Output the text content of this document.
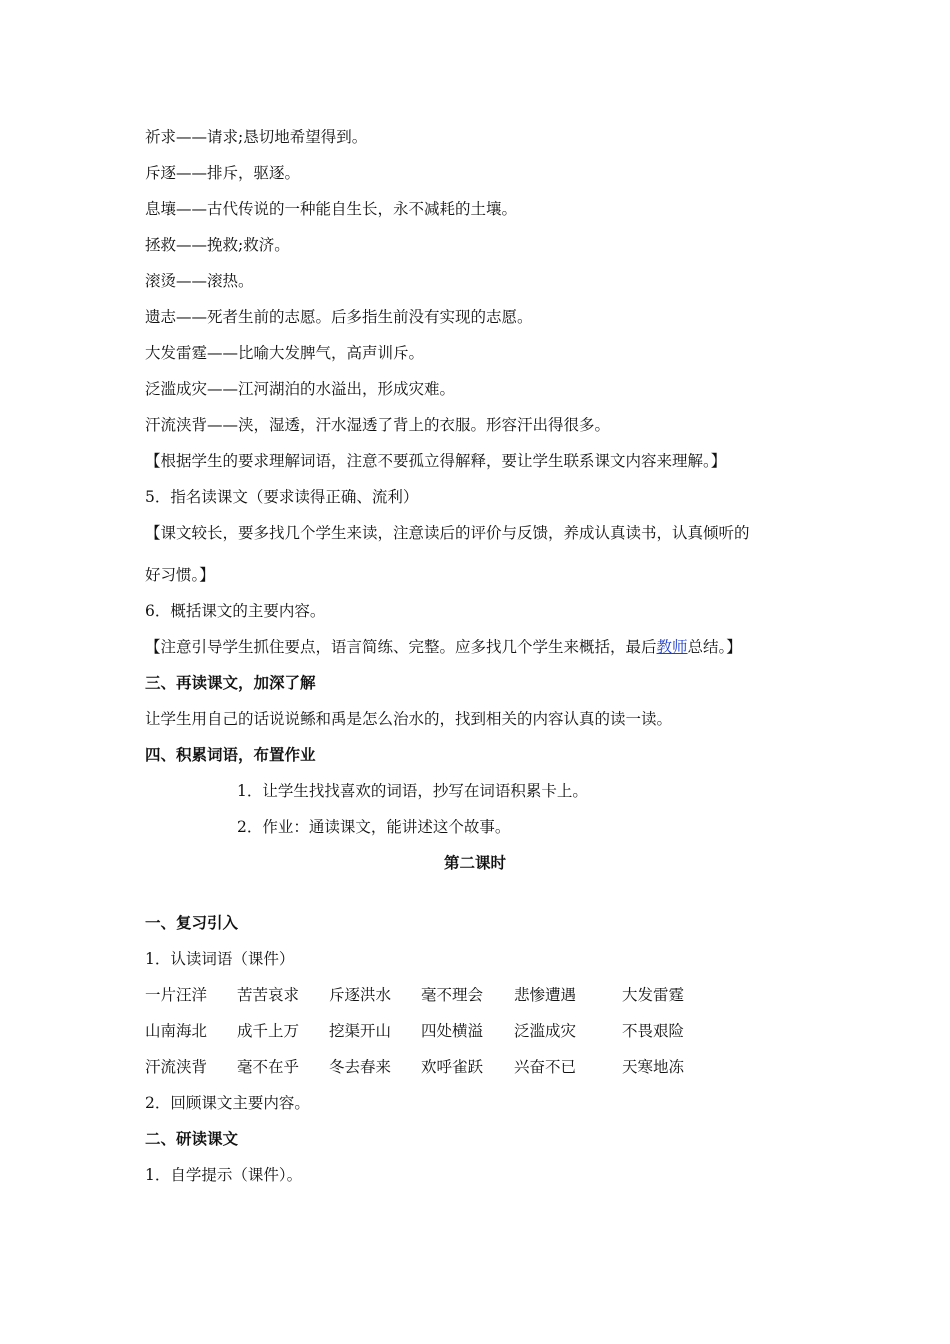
祈求——请求;恳切地希望得到。
斥逐——排斥，驱逐。
息壤——古代传说的一种能自生长，永不减耗的土壤。
拯救——挽救;救济。
滚烫——滚热。
遗志——死者生前的志愿。后多指生前没有实现的志愿。
大发雷霆——比喻大发脾气，高声训斥。
泛滥成灾——江河湖泊的水溢出，形成灾难。
汗流浃背——浃，湿透，汗水湿透了背上的衣服。形容汗出得很多。
【根据学生的要求理解词语，注意不要孤立得解释，要让学生联系课文内容来理解。】
5．指名读课文（要求读得正确、流利）
【课文较长，要多找几个学生来读，注意读后的评价与反馈，养成认真读书，认真倾听的
好习惯。】
6．概括课文的主要内容。
【注意引导学生抓住要点，语言简练、完整。应多找几个学生来概括，最后教师总结。】
三、再读课文，加深了解
让学生用自己的话说说鲧和禹是怎么治水的，找到相关的内容认真的读一读。
四、积累词语，布置作业
1．让学生找找喜欢的词语，抄写在词语积累卡上。
2．作业：通读课文，能讲述这个故事。
第二课时
一、复习引入
1．认读词语（课件）
一片汪洋 苦苦哀求 斥逐洪水 毫不理会 悲惨遭遇	大发雷霆
山南海北 成千上万 挖渠开山 四处横溢 泛滥成灾	不畏艰险
汗流浃背 毫不在乎 冬去春来 欢呼雀跃 兴奋不已	天寒地冻
2．回顾课文主要内容。
二、研读课文
1．自学提示（课件）。
